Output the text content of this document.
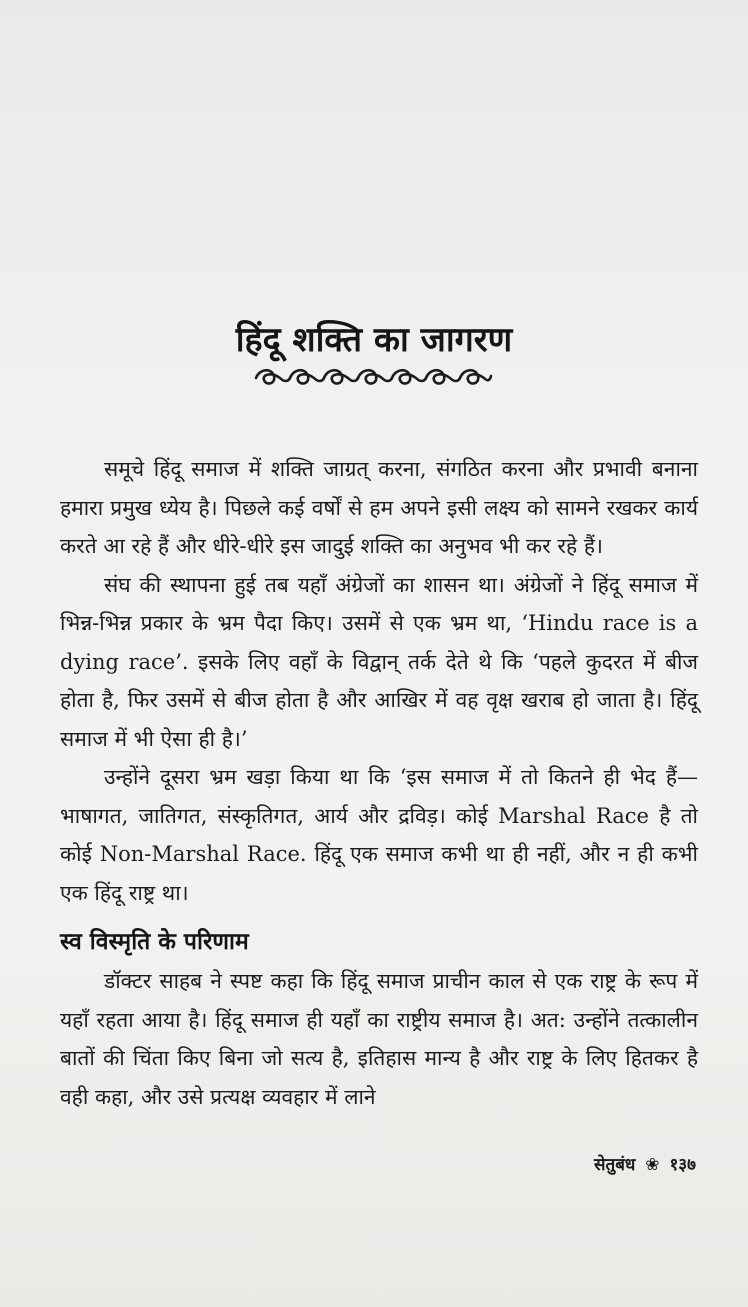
हिंदू शक्ति का जागरण

समूचे हिंदू समाज में शक्ति जाग्रत् करना, संगठित करना और प्रभावी बनाना हमारा प्रमुख ध्येय है। पिछले कई वर्षों से हम अपने इसी लक्ष्य को सामने रखकर कार्य करते आ रहे हैं और धीरे-धीरे इस जादुई शक्ति का अनुभव भी कर रहे हैं।

संघ की स्थापना हुई तब यहाँ अंग्रेजों का शासन था। अंग्रेजों ने हिंदू समाज में भिन्न-भिन्न प्रकार के भ्रम पैदा किए। उसमें से एक भ्रम था, ‘Hindu race is a dying race’. इसके लिए वहाँ के विद्वान् तर्क देते थे कि ‘पहले कुदरत में बीज होता है, फिर उसमें से बीज होता है और आखिर में वह वृक्ष खराब हो जाता है। हिंदू समाज में भी ऐसा ही है।’

उन्होंने दूसरा भ्रम खड़ा किया था कि ‘इस समाज में तो कितने ही भेद हैं—भाषागत, जातिगत, संस्कृतिगत, आर्य और द्रविड़। कोई Marshal Race है तो कोई Non-Marshal Race. हिंदू एक समाज कभी था ही नहीं, और न ही कभी एक हिंदू राष्ट्र था।

स्व विस्मृति के परिणाम

डॉक्टर साहब ने स्पष्ट कहा कि हिंदू समाज प्राचीन काल से एक राष्ट्र के रूप में यहाँ रहता आया है। हिंदू समाज ही यहाँ का राष्ट्रीय समाज है। अत: उन्होंने तत्कालीन बातों की चिंता किए बिना जो सत्य है, इतिहास मान्य है और राष्ट्र के लिए हितकर है वही कहा, और उसे प्रत्यक्ष व्यवहार में लाने

सेतुबंध ❀ १३७
